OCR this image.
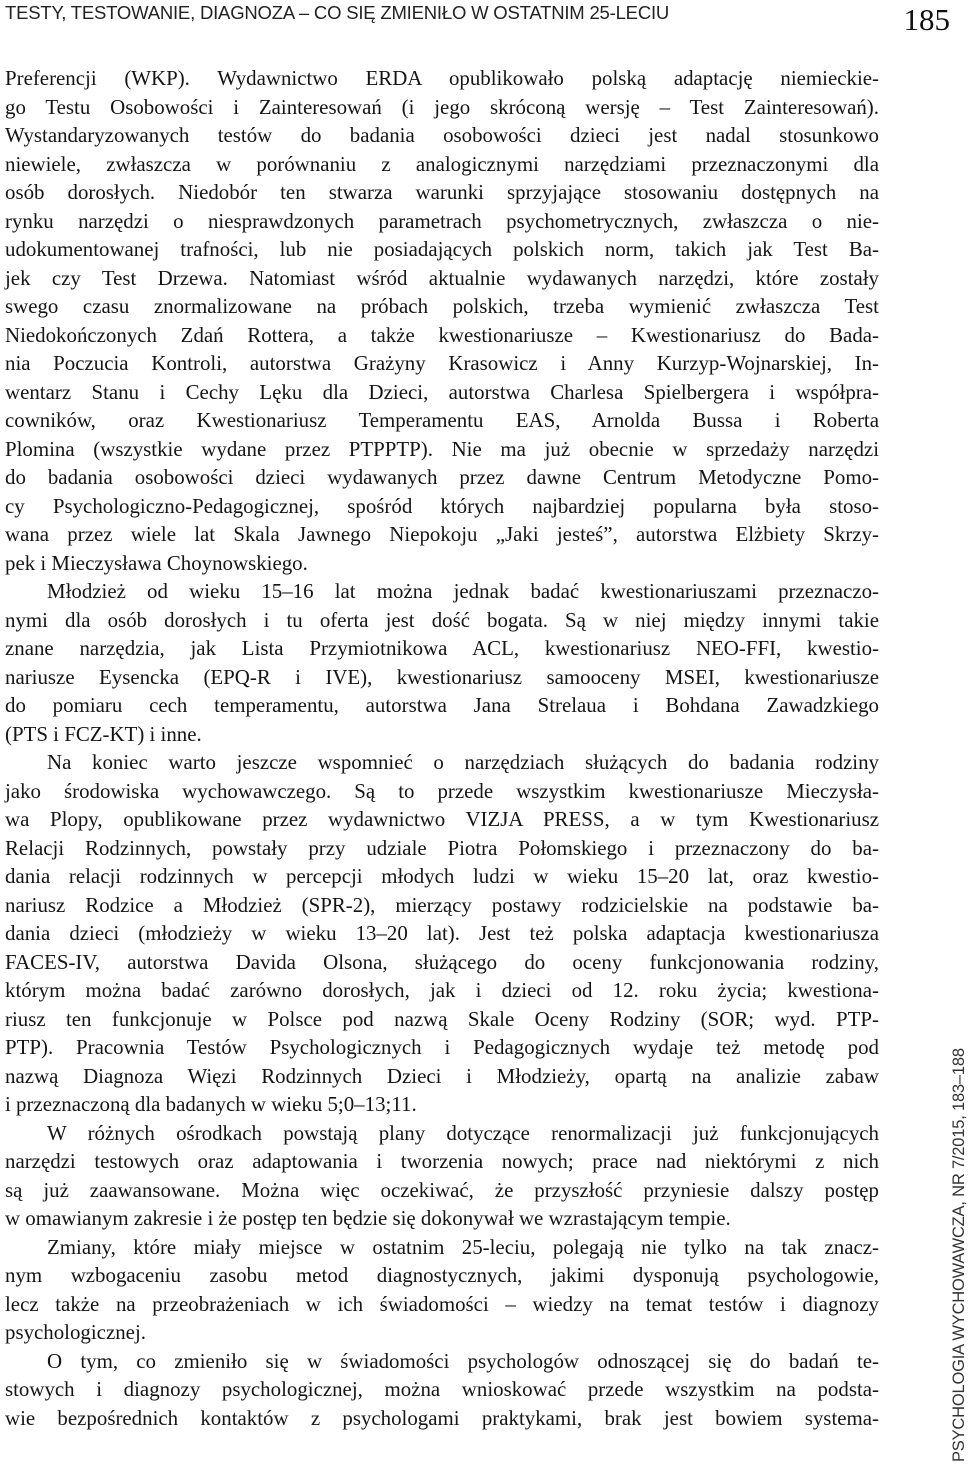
TESTY, TESTOWANIE, DIAGNOZA – CO SIĘ ZMIENIŁO W OSTATNIM 25-LECIU	185
PSYCHOLOGIA WYCHOWAWCZA, NR 7/2015, 183–188
Preferencji (WKP). Wydawnictwo ERDA opublikowało polską adaptację niemieckie-
go Testu Osobowości i Zainteresowań (i jego skróconą wersję – Test Zainteresowań).
Wystandaryzowanych testów do badania osobowości dzieci jest nadal stosunkowo
niewiele, zwłaszcza w porównaniu z analogicznymi narzędziami przeznaczonymi dla
osób dorosłych. Niedobór ten stwarza warunki sprzyjające stosowaniu dostępnych na
rynku narzędzi o niesprawdzonych parametrach psychometrycznych, zwłaszcza o nie-
udokumentowanej trafności, lub nie posiadających polskich norm, takich jak Test Ba-
jek czy Test Drzewa. Natomiast wśród aktualnie wydawanych narzędzi, które zostały
swego czasu znormalizowane na próbach polskich, trzeba wymienić zwłaszcza Test
Niedokończonych Zdań Rottera, a także kwestionariusze – Kwestionariusz do Bada-
nia Poczucia Kontroli, autorstwa Grażyny Krasowicz i Anny Kurzyp-Wojnarskiej, In-
wentarz Stanu i Cechy Lęku dla Dzieci, autorstwa Charlesa Spielbergera i współpra-
cowników, oraz Kwestionariusz Temperamentu EAS, Arnolda Bussa i Roberta
Plomina (wszystkie wydane przez PTPPTP). Nie ma już obecnie w sprzedaży narzędzi
do badania osobowości dzieci wydawanych przez dawne Centrum Metodyczne Pomo-
cy Psychologiczno-Pedagogicznej, spośród których najbardziej popularna była stoso-
wana przez wiele lat Skala Jawnego Niepokoju „Jaki jesteś”, autorstwa Elżbiety Skrzy-
pek i Mieczysława Choynowskiego.
Młodzież od wieku 15–16 lat można jednak badać kwestionariuszami przeznaczo-
nymi dla osób dorosłych i tu oferta jest dość bogata. Są w niej między innymi takie
znane narzędzia, jak Lista Przymiotnikowa ACL, kwestionariusz NEO-FFI, kwestio-
nariusze Eysencka (EPQ-R i IVE), kwestionariusz samooceny MSEI, kwestionariusze
do pomiaru cech temperamentu, autorstwa Jana Strelaua i Bohdana Zawadzkiego
(PTS i FCZ-KT) i inne.
Na koniec warto jeszcze wspomnieć o narzędziach służących do badania rodziny
jako środowiska wychowawczego. Są to przede wszystkim kwestionariusze Mieczysła-
wa Plopy, opublikowane przez wydawnictwo VIZJA PRESS, a w tym Kwestionariusz
Relacji Rodzinnych, powstały przy udziale Piotra Połomskiego i przeznaczony do ba-
dania relacji rodzinnych w percepcji młodych ludzi w wieku 15–20 lat, oraz kwestio-
nariusz Rodzice a Młodzież (SPR-2), mierzący postawy rodzicielskie na podstawie ba-
dania dzieci (młodzieży w wieku 13–20 lat). Jest też polska adaptacja kwestionariusza
FACES-IV, autorstwa Davida Olsona, służącego do oceny funkcjonowania rodziny,
którym można badać zarówno dorosłych, jak i dzieci od 12. roku życia; kwestiona-
riusz ten funkcjonuje w Polsce pod nazwą Skale Oceny Rodziny (SOR; wyd. PTP-
PTP). Pracownia Testów Psychologicznych i Pedagogicznych wydaje też metodę pod
nazwą Diagnoza Więzi Rodzinnych Dzieci i Młodzieży, opartą na analizie zabaw
i przeznaczoną dla badanych w wieku 5;0–13;11.
W różnych ośrodkach powstają plany dotyczące renormalizacji już funkcjonujących
narzędzi testowych oraz adaptowania i tworzenia nowych; prace nad niektórymi z nich
są już zaawansowane. Można więc oczekiwać, że przyszłość przyniesie dalszy postęp
w omawianym zakresie i że postęp ten będzie się dokonywał we wzrastającym tempie.
Zmiany, które miały miejsce w ostatnim 25-leciu, polegają nie tylko na tak znacz-
nym wzbogaceniu zasobu metod diagnostycznych, jakimi dysponują psychologowie,
lecz także na przeobrażeniach w ich świadomości – wiedzy na temat testów i diagnozy
psychologicznej.
O tym, co zmieniło się w świadomości psychologów odnoszącej się do badań te-
stowych i diagnozy psychologicznej, można wnioskować przede wszystkim na podsta-
wie bezpośrednich kontaktów z psychologami praktykami, brak jest bowiem systema-
